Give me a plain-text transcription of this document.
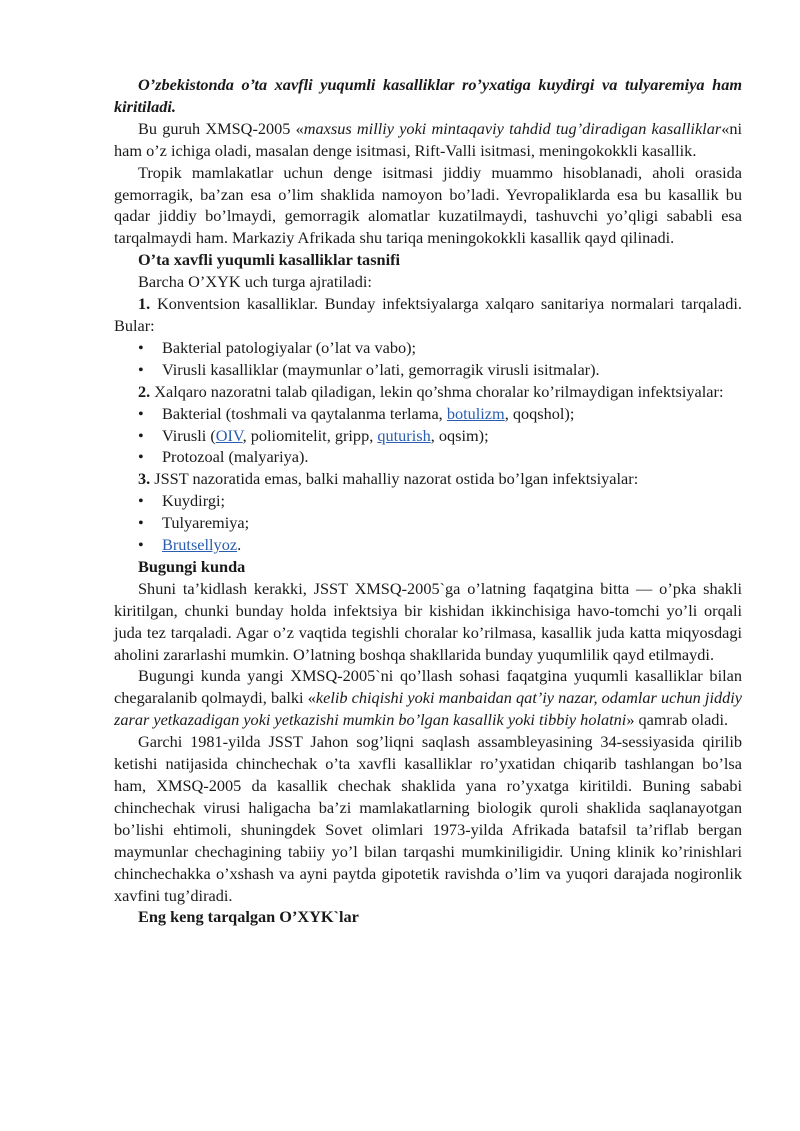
O’zbekistonda o’ta xavfli yuqumli kasalliklar ro’yxatiga kuydirgi va tulyaremiya ham kiritiladi.

Bu guruh XMSQ-2005 «maxsus milliy yoki mintaqaviy tahdid tug’diradigan kasalliklar«ni ham o’z ichiga oladi, masalan denge isitmasi, Rift-Valli isitmasi, meningokokkli kasallik.

Tropik mamlakatlar uchun denge isitmasi jiddiy muammo hisoblanadi, aholi orasida gemorragik, ba’zan esa o’lim shaklida namoyon bo’ladi. Yevropaliklarda esa bu kasallik bu qadar jiddiy bo’lmaydi, gemorragik alomatlar kuzatilmaydi, tashuvchi yo’qligi sababli esa tarqalmaydi ham. Markaziy Afrikada shu tariqa meningokokkli kasallik qayd qilinadi.

O’ta xavfli yuqumli kasalliklar tasnifi

Barcha O’XYK uch turga ajratiladi:

1. Konventsion kasalliklar. Bunday infektsiyalarga xalqaro sanitariya normalari tarqaladi. Bular:

• Bakterial patologiyalar (o’lat va vabo);
• Virusli kasalliklar (maymunlar o’lati, gemorragik virusli isitmalar).

2. Xalqaro nazoratni talab qiladigan, lekin qo’shma choralar ko’rilmaydigan infektsiyalar:

• Bakterial (toshmali va qaytalanma terlama, botulizm, qoqshol);
• Virusli (OIV, poliomitelit, gripp, quturish, oqsim);
• Protozoal (malyariya).

3. JSST nazoratida emas, balki mahalliy nazorat ostida bo’lgan infektsiyalar:

• Kuydirgi;
• Tulyaremiya;
• Brutsellyoz.

Bugungi kunda

Shuni ta’kidlash kerakki, JSST XMSQ-2005`ga o’latning faqatgina bitta — o’pka shakli kiritilgan, chunki bunday holda infektsiya bir kishidan ikkinchisiga havo-tomchi yo’li orqali juda tez tarqaladi. Agar o’z vaqtida tegishli choralar ko’rilmasa, kasallik juda katta miqyosdagi aholini zararlashi mumkin. O’latning boshqa shakllarida bunday yuqumlilik qayd etilmaydi.

Bugungi kunda yangi XMSQ-2005`ni qo’llash sohasi faqatgina yuqumli kasalliklar bilan chegaralanib qolmaydi, balki «kelib chiqishi yoki manbaidan qat’iy nazar, odamlar uchun jiddiy zarar yetkazadigan yoki yetkazishi mumkin bo’lgan kasallik yoki tibbiy holatni» qamrab oladi.

Garchi 1981-yilda JSST Jahon sog’liqni saqlash assambleyasining 34-sessiyasida qirilib ketishi natijasida chinchechak o’ta xavfli kasalliklar ro’yxatidan chiqarib tashlangan bo’lsa ham, XMSQ-2005 da kasallik chechak shaklida yana ro’yxatga kiritildi. Buning sababi chinchechak virusi haligacha ba’zi mamlakatlarning biologik quroli shaklida saqlanayotgan bo’lishi ehtimoli, shuningdek Sovet olimlari 1973-yilda Afrikada batafsil ta’riflab bergan maymunlar chechagining tabiiy yo’l bilan tarqashi mumkiniligidir. Uning klinik ko’rinishlari chinchechakka o’xshash va ayni paytda gipotetik ravishda o’lim va yuqori darajada nogironlik xavfini tug’diradi.

Eng keng tarqalgan O’XYK`lar
